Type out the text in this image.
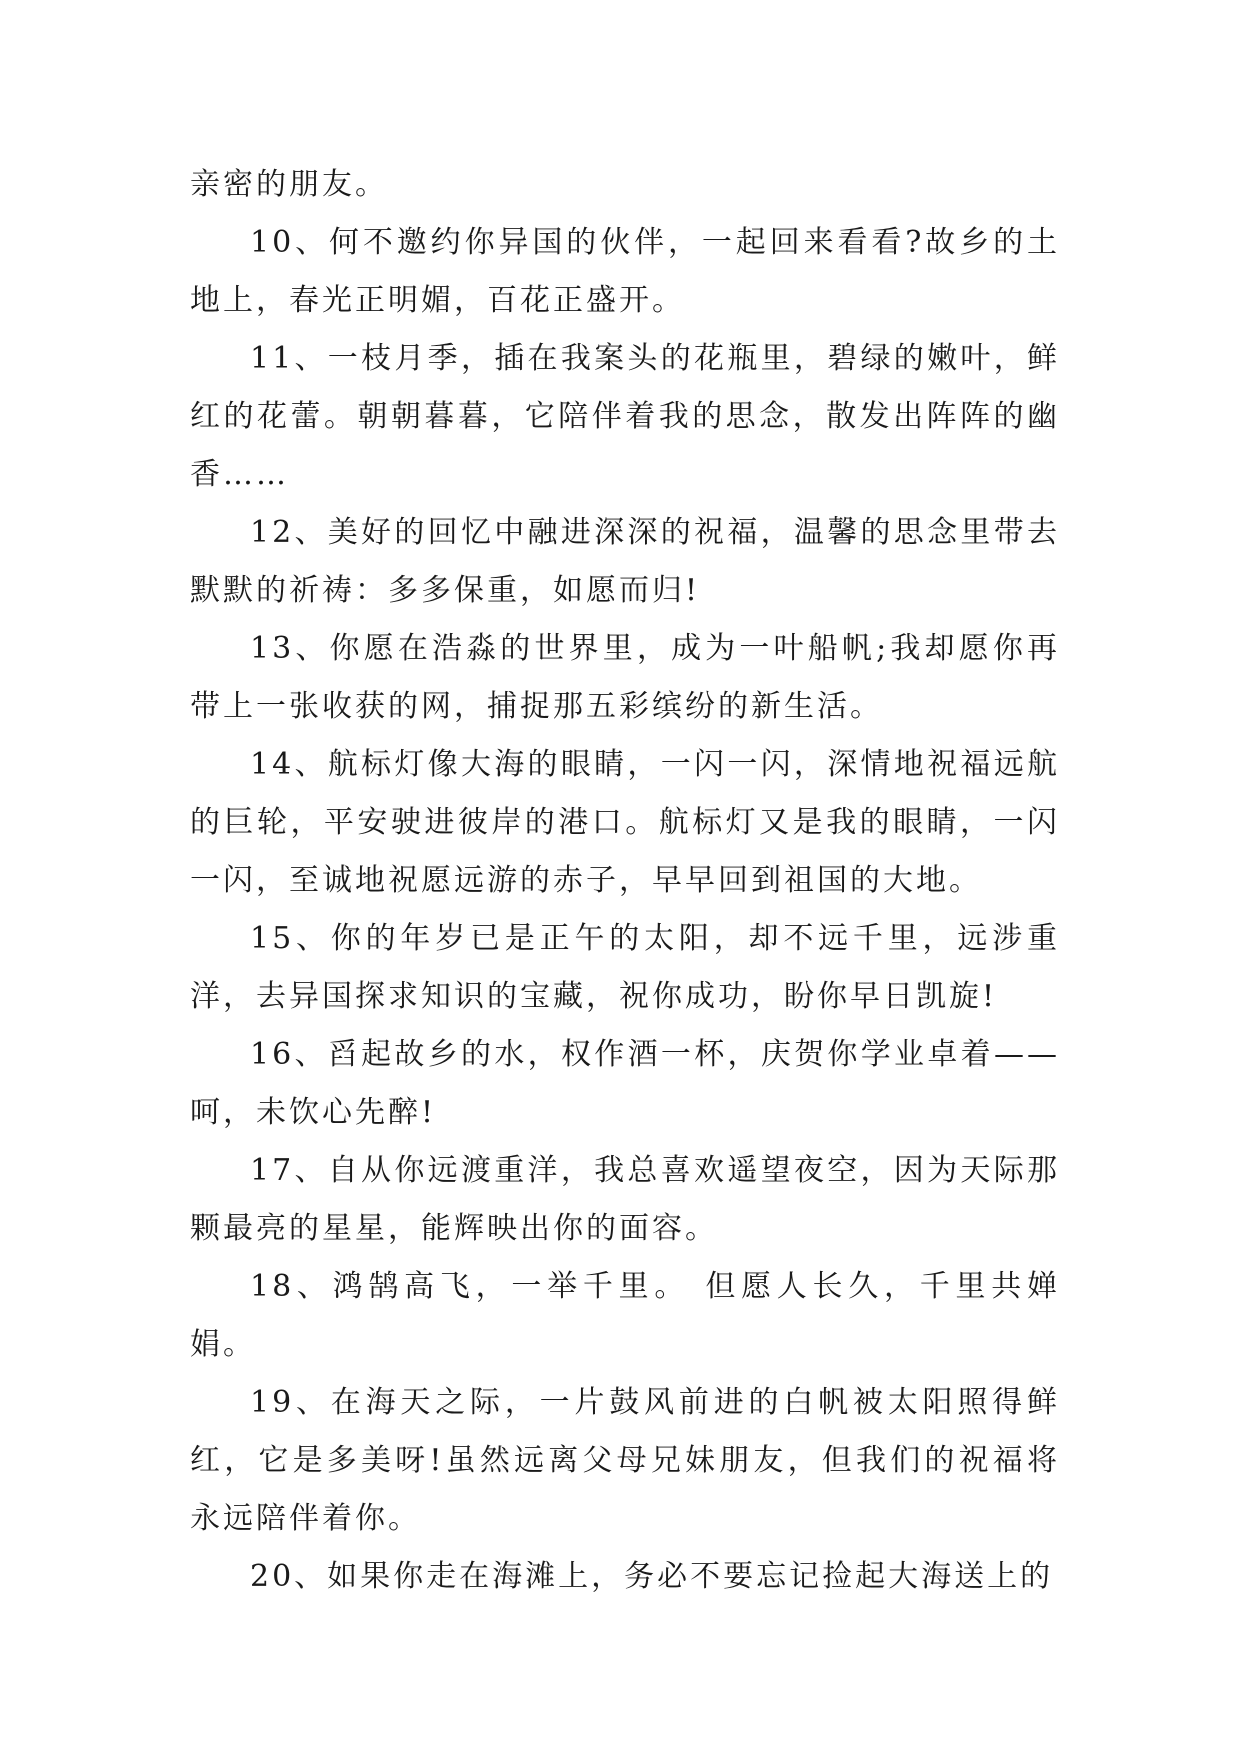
亲密的朋友。

10、何不邀约你异国的伙伴，一起回来看看?故乡的土地上，春光正明媚，百花正盛开。

11、一枝月季，插在我案头的花瓶里，碧绿的嫩叶，鲜红的花蕾。朝朝暮暮，它陪伴着我的思念，散发出阵阵的幽香……

12、美好的回忆中融进深深的祝福，温馨的思念里带去默默的祈祷：多多保重，如愿而归!

13、你愿在浩淼的世界里，成为一叶船帆;我却愿你再带上一张收获的网，捕捉那五彩缤纷的新生活。

14、航标灯像大海的眼睛，一闪一闪，深情地祝福远航的巨轮，平安驶进彼岸的港口。航标灯又是我的眼睛，一闪一闪，至诚地祝愿远游的赤子，早早回到祖国的大地。

15、你的年岁已是正午的太阳，却不远千里，远涉重洋，去异国探求知识的宝藏，祝你成功，盼你早日凯旋!

16、舀起故乡的水，权作酒一杯，庆贺你学业卓着——呵，未饮心先醉!

17、自从你远渡重洋，我总喜欢遥望夜空，因为天际那颗最亮的星星，能辉映出你的面容。

18、鸿鹄高飞，一举千里。 但愿人长久，千里共婵娟。

19、在海天之际，一片鼓风前进的白帆被太阳照得鲜红，它是多美呀!虽然远离父母兄妹朋友，但我们的祝福将永远陪伴着你。

20、如果你走在海滩上，务必不要忘记捡起大海送上的
